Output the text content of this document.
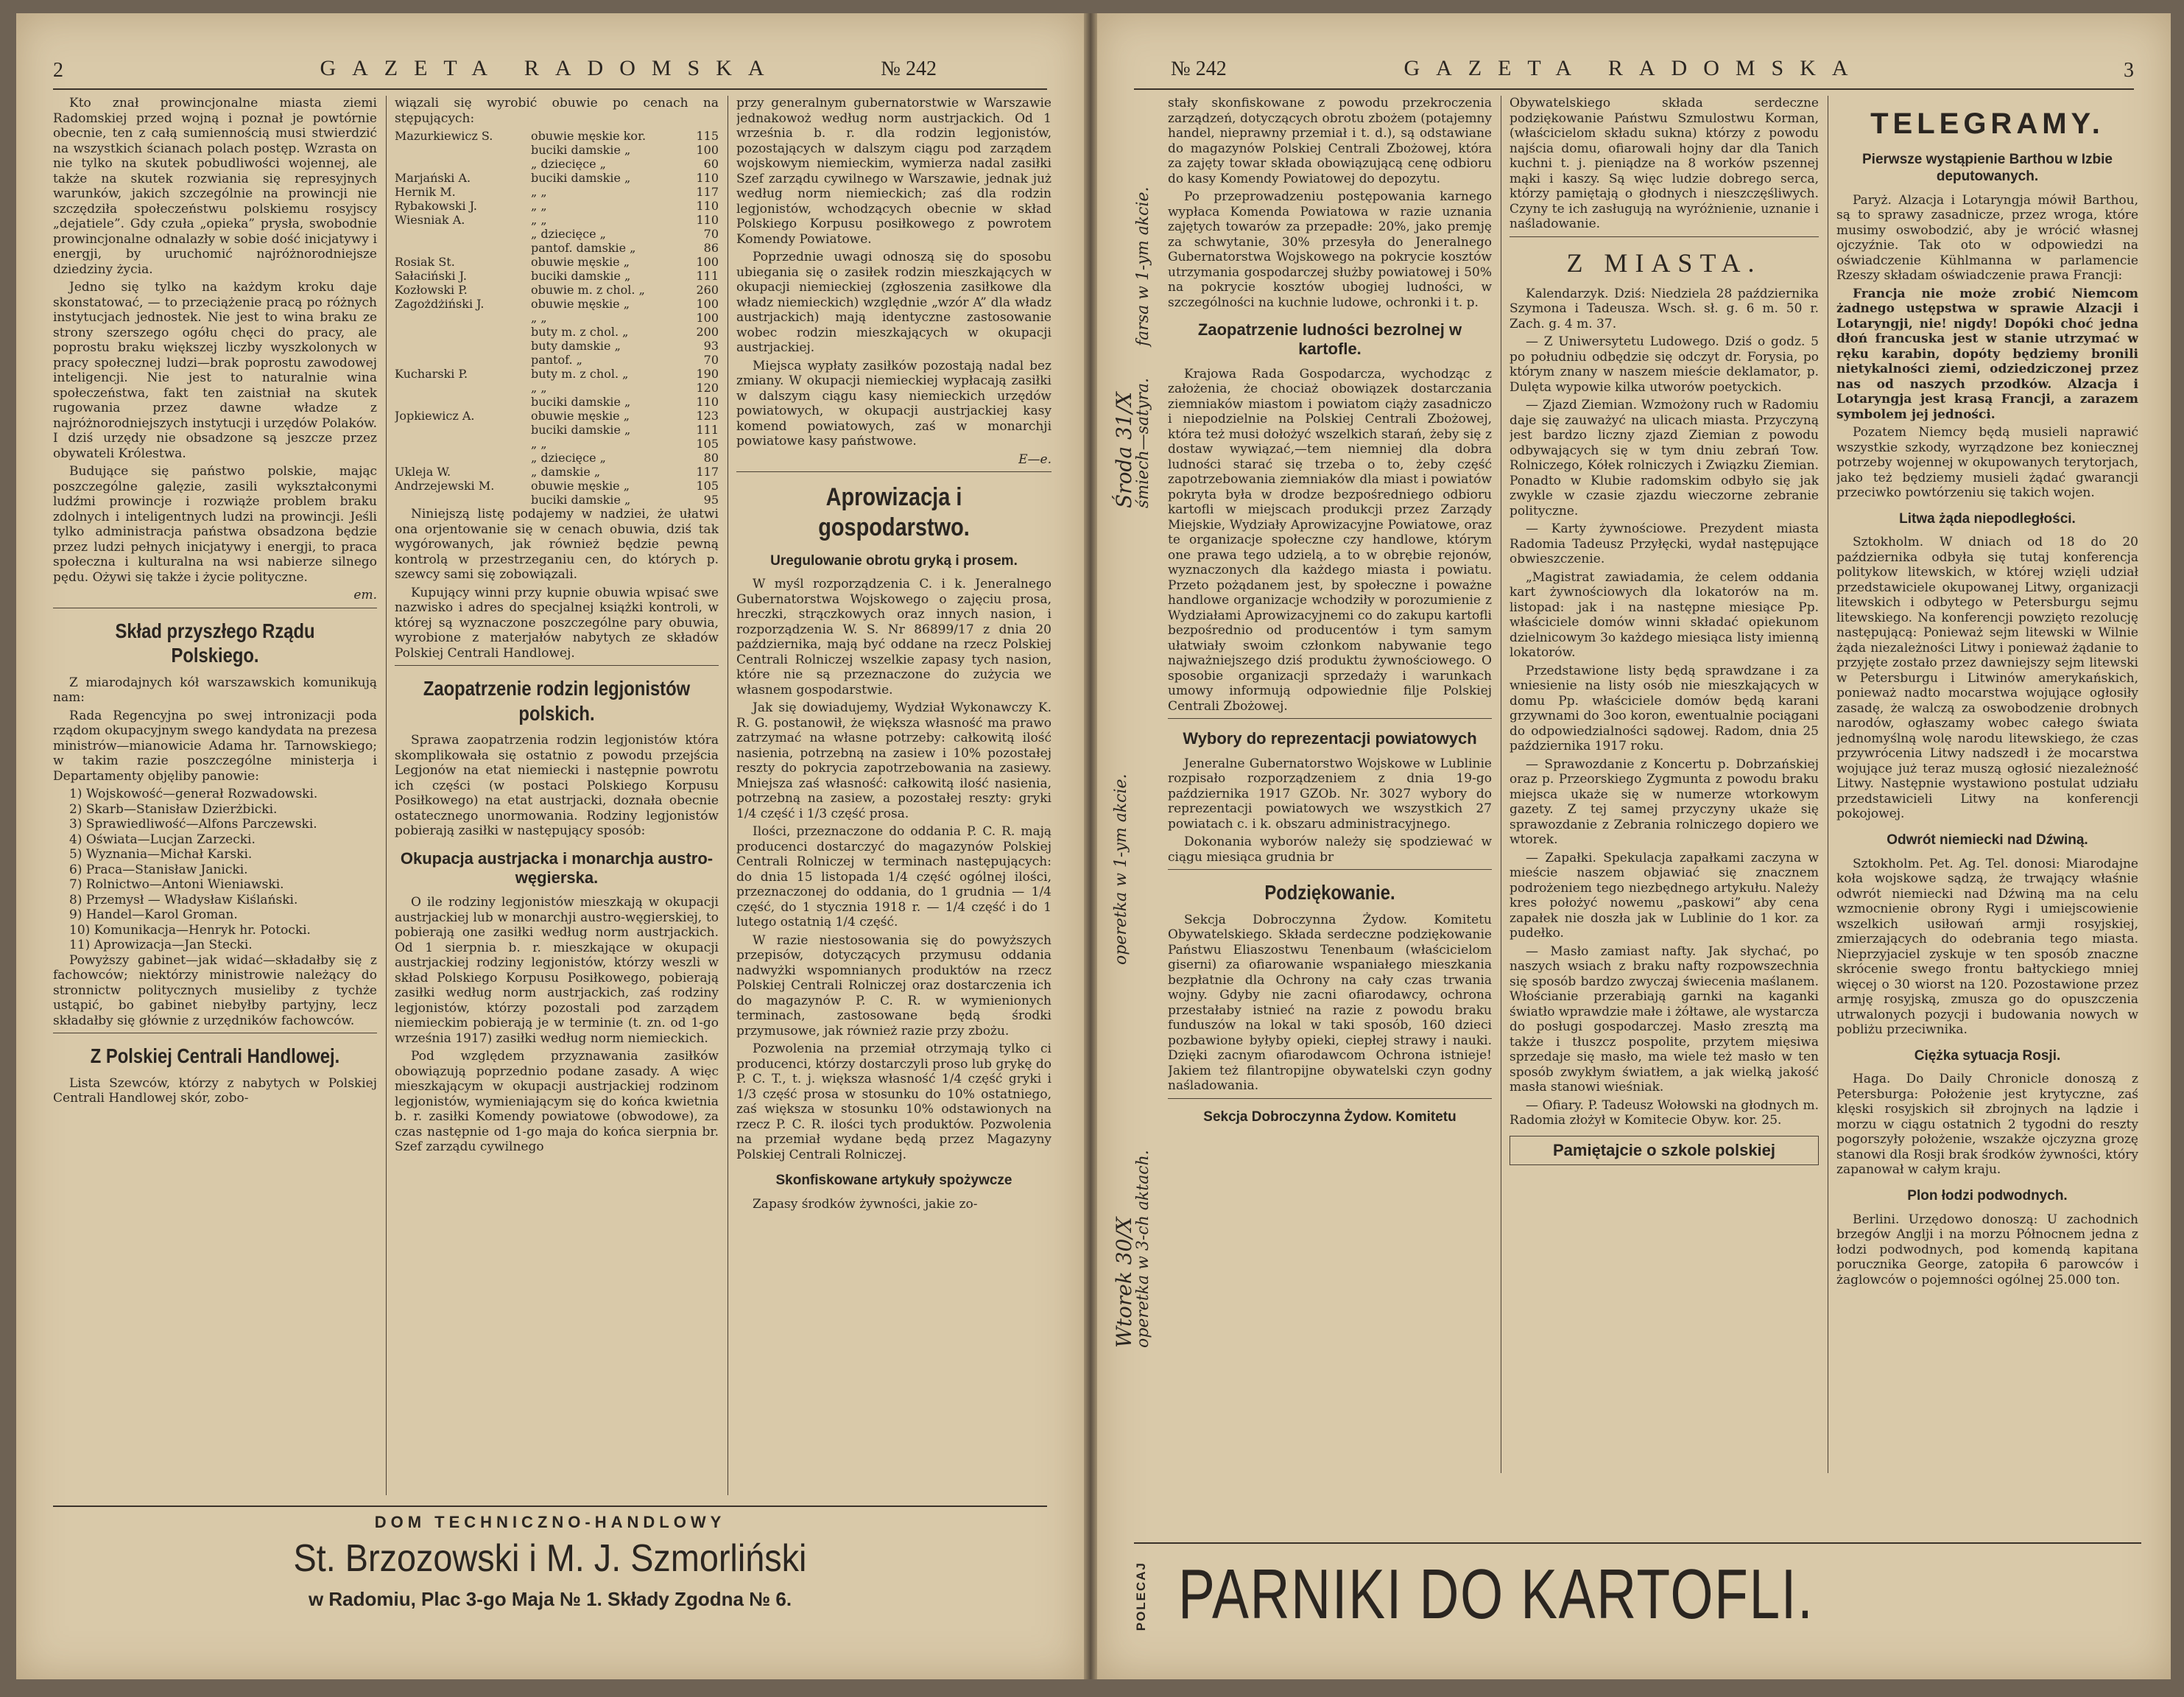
2	GAZETA RADOMSKA	№ 242

Kto znał prowincjonalne miasta ziemi Radomskiej przed wojną i poznał je powtórnie obecnie, ten z całą sumiennością musi stwierdzić na wszystkich ścianach polach postęp. Wzrasta on nie tylko na skutek pobudliwości wojennej, ale także na skutek rozwiania się represyjnych warunków, jakich szczególnie na prowincji nie szczędziła społeczeństwu polskiemu rosyjscy „dejatiele”. Gdy czuła „opieka” prysła, swobodnie prowincjonalne odnalazły w sobie dość inicjatywy i energji, by uruchomić najróżnorodniejsze dziedziny życia.

Jedno się tylko na każdym kroku daje skonstatować, — to przeciążenie pracą po różnych instytucjach jednostek. Nie jest to wina braku ze strony szerszego ogółu chęci do pracy, ale poprostu braku większej liczby wyszkolonych w pracy społecznej ludzi—brak poprostu zawodowej inteligencji. Nie jest to naturalnie wina społeczeństwa, fakt ten zaistniał na skutek rugowania przez dawne władze z najróżnorodniejszych instytucji i urzędów Polaków. I dziś urzędy nie obsadzone są jeszcze przez obywateli Królestwa.

Budujące się państwo polskie, mając poszczególne galęzie, zasili wykształconymi ludźmi prowincje i rozwiąże problem braku zdolnych i inteligentnych ludzi na prowincji. Jeśli tylko administracja państwa obsadzona będzie przez ludzi pełnych inicjatywy i energji, to praca społeczna i kulturalna na wsi nabierze silnego pędu. Ożywi się także i życie polityczne.

em.
Skład przyszłego Rządu Polskiego.

Z miarodajnych kół warszawskich komunikują nam:

Rada Regencyjna po swej intronizacji poda rządom okupacyjnym swego kandydata na prezesa ministrów—mianowicie Adama hr. Tarnowskiego; w takim razie poszczególne ministerja i Departamenty objęliby panowie:

1) Wojskowość—generał Rozwadowski.
2) Skarb—Stanisław Dzierżbicki.
3) Sprawiedliwość—Alfons Parczewski.
4) Oświata—Lucjan Zarzecki.
5) Wyznania—Michał Karski.
6) Praca—Stanisław Janicki.
7) Rolnictwo—Antoni Wieniawski.
8) Przemysł — Władysław Kiślański.
9) Handel—Karol Groman.
10) Komunikacja—Henryk hr. Potocki.
11) Aprowizacja—Jan Stecki.

Powyższy gabinet—jak widać—składałby się z fachowców; niektórzy ministrowie należący do stronnictw politycznych musieliby z tychże ustąpić, bo gabinet niebyłby partyjny, lecz składałby się głównie z urzędników fachowców.

Z Polskiej Centrali Handlowej.

Lista Szewców, którzy z nabytych w Polskiej Centrali Handlowej skór, zobo-

wiązali się wyrobić obuwie po cenach na stępujących:

Mazurkiewicz S.	obuwie męskie kor.	115
	buciki damskie „	100
	„ dziecięce „	60
Marjański A.	buciki damskie „	110
Hernik M.	„ „	117
Rybakowski J.	„ „	110
Wiesniak A.	„ „	110
	„ dziecięce „	70
	pantof. damskie „	86
Rosiak St.	obuwie męskie „	100
Sałaciński J.	buciki damskie „	111
Kozłowski P.	obuwie m. z chol. „	260
Zagożdżiński J.	obuwie męskie „	100
	„ „	100
	buty m. z chol. „	200
	buty damskie „	93
	pantof. „	70
Kucharski P.	buty m. z chol. „	190
	„ „	120
	buciki damskie „	110
Jopkiewicz A.	obuwie męskie „	123
	buciki damskie „	111
	„ „	105
	„ dziecięce „	80
Ukleja W.	„ damskie „	117
Andrzejewski M.	obuwie męskie „	105
	buciki damskie „	95

Niniejszą listę podajemy w nadziei, że ułatwi ona orjentowanie się w cenach obuwia, dziś tak wygórowanych, jak również będzie pewną kontrolą w przestrzeganiu cen, do których p. szewcy sami się zobowiązali.

Kupujący winni przy kupnie obuwia wpisać swe nazwisko i adres do specjalnej książki kontroli, w której są wyznaczone poszczególne pary obuwia, wyrobione z materjałów nabytych ze składów Polskiej Centrali Handlowej.

Zaopatrzenie rodzin legjonistów polskich.

Sprawa zaopatrzenia rodzin legjonistów która skomplikowała się ostatnio z powodu przejścia Legjonów na etat niemiecki i następnie powrotu ich części (w postaci Polskiego Korpusu Posiłkowego) na etat austrjacki, doznała obecnie ostatecznego unormowania. Rodziny legjonistów pobierają zasiłki w następujący sposób:

Okupacja austrjacka i monarchja austro-węgierska.

O ile rodziny legjonistów mieszkają w okupacji austrjackiej lub w monarchji austro-węgierskiej, to pobierają one zasiłki według norm austrjackich. Od 1 sierpnia b. r. mieszkające w okupacji austrjackiej rodziny legjonistów, którzy weszli w skład Polskiego Korpusu Posiłkowego, pobierają zasiłki według norm austrjackich, zaś rodziny legjonistów, którzy pozostali pod zarządem niemieckim pobierają je w terminie (t. zn. od 1-go września 1917) zasiłki według norm niemieckich.

Pod względem przyznawania zasiłków obowiązują poprzednio podane zasady. A więc mieszkającym w okupacji austrjackiej rodzinom legjonistów, wymieniającym się do końca kwietnia b. r. zasiłki Komendy powiatowe (obwodowe), za czas następnie od 1-go maja do końca sierpnia br. Szef zarządu cywilnego

przy generalnym gubernatorstwie w Warszawie jednakowoż według norm austrjackich. Od 1 września b. r. dla rodzin legjonistów, pozostających w dalszym ciągu pod zarządem wojskowym niemieckim, wymierza nadal zasiłki Szef zarządu cywilnego w Warszawie, jednak już według norm niemieckich; zaś dla rodzin legjonistów, wchodzących obecnie w skład Polskiego Korpusu posiłkowego z powrotem Komendy Powiatowe.

Poprzednie uwagi odnoszą się do sposobu ubiegania się o zasiłek rodzin mieszkających w okupacji niemieckiej (zgłoszenia zasiłkowe dla władz niemieckich) względnie „wzór A” dla władz austrjackich) mają identyczne zastosowanie wobec rodzin mieszkających w okupacji austrjackiej.

Miejsca wypłaty zasiłków pozostają nadal bez zmiany. W okupacji niemieckiej wypłacają zasiłki w dalszym ciągu kasy niemieckich urzędów powiatowych, w okupacji austrjackiej kasy komend powiatowych, zaś w monarchji powiatowe kasy państwowe.

E—e.
Aprowizacja i gospodarstwo.
Uregulowanie obrotu gryką i prosem.

W myśl rozporządzenia C. i k. Jeneralnego Gubernatorstwa Wojskowego o zajęciu prosa, hreczki, strączkowych oraz innych nasion, i rozporządzenia W. S. Nr 86899/17 z dnia 20 października, mają być oddane na rzecz Polskiej Centrali Rolniczej wszelkie zapasy tych nasion, które nie są przeznaczone do zużycia we własnem gospodarstwie.

Jak się dowiadujemy, Wydział Wykonawczy K. R. G. postanowił, że większa własność ma prawo zatrzymać na własne potrzeby: całkowitą ilość nasienia, potrzebną na zasiew i 10% pozostałej reszty do pokrycia zapotrzebowania na zasiewy. Mniejsza zaś własność: całkowitą ilość nasienia, potrzebną na zasiew, a pozostałej reszty: gryki 1/4 część i 1/3 część prosa.

Ilości, przeznaczone do oddania P. C. R. mają producenci dostarczyć do magazynów Polskiej Centrali Rolniczej w terminach następujących: do dnia 15 listopada 1/4 część ogólnej ilości, przeznaczonej do oddania, do 1 grudnia — 1/4 część, do 1 stycznia 1918 r. — 1/4 część i do 1 lutego ostatnią 1/4 część.

W razie niestosowania się do powyższych przepisów, dotyczących przymusu oddania nadwyżki wspomnianych produktów na rzecz Polskiej Centrali Rolniczej oraz dostarczenia ich do magazynów P. C. R. w wymienionych terminach, zastosowane będą środki przymusowe, jak również razie przy zbożu.

Pozwolenia na przemiał otrzymają tylko ci producenci, którzy dostarczyli proso lub grykę do P. C. T., t. j. większa własność 1/4 część gryki i 1/3 część prosa w stosunku do 10% ostatniego, zaś większa w stosunku 10% odstawionych na rzecz P. C. R. ilości tych produktów. Pozwolenia na przemiał wydane będą przez Magazyny Polskiej Centrali Rolniczej.

Skonfiskowane artykuły spożywcze

Zapasy środków żywności, jakie zo-

DOM TECHNICZNO-HANDLOWY
St. Brzozowski i M. J. Szmorliński
w Radomiu, Plac 3-go Maja № 1. Składy Zgodna № 6.
№ 242	GAZETA RADOMSKA	3
Środa 31/X
śmiech—satyra.
farsa w 1-ym akcie.
operetka w 1-ym akcie.
Wtorek 30/X
operetka w 3-ch aktach.

stały skonfiskowane z powodu przekroczenia zarządzeń, dotyczących obrotu zbożem (potajemny handel, nieprawny przemiał i t. d.), są odstawiane do magazynów Polskiej Centrali Zbożowej, która za zajęty towar składa obowiązującą cenę odbioru do kasy Komendy Powiatowej do depozytu.

Po przeprowadzeniu postępowania karnego wypłaca Komenda Powiatowa w razie uznania zajętych towarów za przepadłe: 20%, jako premję za schwytanie, 30% przesyła do Jeneralnego Gubernatorstwa Wojskowego na pokrycie kosztów utrzymania gospodarczej służby powiatowej i 50% na pokrycie kosztów ubogiej ludności, w szczególności na kuchnie ludowe, ochronki i t. p.

Zaopatrzenie ludności bezrolnej w kartofle.

Krajowa Rada Gospodarcza, wychodząc z założenia, że chociaż obowiązek dostarczania ziemniaków miastom i powiatom ciąży zasadniczo i niepodzielnie na Polskiej Centrali Zbożowej, która też musi dołożyć wszelkich starań, żeby się z dostaw wywiązać,—tem niemniej dla dobra ludności starać się trzeba o to, żeby część zapotrzebowania ziemniaków dla miast i powiatów pokryta była w drodze bezpośredniego odbioru kartofli w miejscach produkcji przez Zarządy Miejskie, Wydziały Aprowizacyjne Powiatowe, oraz te organizacje społeczne czy handlowe, którym one prawa tego udzielą, a to w obrębie rejonów, wyznaczonych dla każdego miasta i powiatu. Przeto pożądanem jest, by społeczne i poważne handlowe organizacje wchodziły w porozumienie z Wydziałami Aprowizacyjnemi co do zakupu kartofli bezpośrednio od producentów i tym samym ułatwiały swoim członkom nabywanie tego najważniejszego dziś produktu żywnościowego. O sposobie organizacji sprzedaży i warunkach umowy informują odpowiednie filje Polskiej Centrali Zbożowej.

Wybory do reprezentacji powiatowych

Jeneralne Gubernatorstwo Wojskowe w Lublinie rozpisało rozporządzeniem z dnia 19-go października 1917 GZOb. Nr. 3027 wybory do reprezentacji powiatowych we wszystkich 27 powiatach c. i k. obszaru administracyjnego.

Dokonania wyborów należy się spodziewać w ciągu miesiąca grudnia br

Podziękowanie.

Sekcja Dobroczynna Żydow. Komitetu Obywatelskiego. Składa serdeczne podziękowanie Państwu Eliaszostwu Tenenbaum (właścicielom giserni) za ofiarowanie wspaniałego mieszkania bezpłatnie dla Ochrony na cały czas trwania wojny. Gdyby nie zacni ofiarodawcy, ochrona przestałaby istnieć na razie z powodu braku funduszów na lokal w taki sposób, 160 dzieci pozbawione byłyby opieki, ciepłej strawy i nauki. Dzięki zacnym ofiarodawcom Ochrona istnieje! Jakiem też filantropijne obywatelski czyn godny naśladowania.

Sekcja Dobroczynna Żydow. Komitetu

Obywatelskiego składa serdeczne podziękowanie Państwu Szmulostwu Korman, (właścicielom składu sukna) którzy z powodu najściа domu, ofiarowali hojny dar dla Tanich kuchni t. j. pieniądze na 8 worków pszennej mąki i kaszy. Są więc ludzie dobrego serca, którzy pamiętają o głodnych i nieszczęśliwych. Czyny te ich zasługują na wyróżnienie, uznanie i naśladowanie.

Z MIASTA.

Kalendarzyk. Dziś: Niedziela 28 października Szymona i Tadeusza. Wsch. sł. g. 6 m. 50 r. Zach. g. 4 m. 37.

— Z Uniwersytetu Ludowego. Dziś o godz. 5 po południu odbędzie się odczyt dr. Forysia, po którym znany w naszem mieście deklamator, p. Dulęta wypowie kilka utworów poetyckich.

— Zjazd Ziemian. Wzmożony ruch w Radomiu daje się zauważyć na ulicach miasta. Przyczyną jest bardzo liczny zjazd Ziemian z powodu odbywających się w tym dniu zebrań Tow. Rolniczego, Kółek rolniczych i Związku Ziemian. Ponadto w Klubie radomskim odbyło się jak zwykle w czasie zjazdu wieczorne zebranie polityczne.

— Karty żywnościowe. Prezydent miasta Radomia Tadeusz Przyłęcki, wydał następujące obwieszczenie.

„Magistrat zawiadamia, że celem oddania kart żywnościowych dla lokatorów na m. listopad: jak i na następne miesiące Pp. właściciele domów winni składać opiekunom dzielnicowym 3o każdego miesiąca listy imienną lokatorów.

Przedstawione listy będą sprawdzane i za wniesienie na listy osób nie mieszkających w domu Pp. właściciele domów będą karani grzywnami do 3oo koron, ewentualnie pociągani do odpowiedzialności sądowej. Radom, dnia 25 października 1917 roku.

— Sprawozdanie z Koncertu p. Dobrzańskiej oraz p. Przeorskiego Zygmunta z powodu braku miejsca ukaże się w numerze wtorkowym gazety. Z tej samej przyczyny ukaże się sprawozdanie z Zebrania rolniczego dopiero we wtorek.

— Zapałki. Spekulacja zapałkami zaczyna w mieście naszem objawiać się znacznem podrożeniem tego niezbędnego artykułu. Należy kres położyć nowemu „paskowi” aby cena zapałek nie doszła jak w Lublinie do 1 kor. za pudełko.

— Masło zamiast nafty. Jak słychać, po naszych wsiach z braku nafty rozpowszechnia się sposób bardzo zwyczaj świecenia maślanem. Włościanie przerabiają garnki na kaganki światło wprawdzie małe i żółtawe, ale wystarcza do posługi gospodarczej. Masło zresztą ma także i tłuszcz pospolite, przytem mięsiwa sprzedaje się masło, ma wiele też masło w ten sposób zwykłym światłem, a jak wielką jakość masła stanowi wieśniak.

— Ofiary. P. Tadeusz Wołowski na głodnych m. Radomia złożył w Komitecie Obyw. kor. 25.

Pamiętajcie o szkole polskiej
TELEGRAMY.
Pierwsze wystąpienie Barthou w Izbie deputowanych.

Paryż. Alzacja i Lotaryngja mówił Barthou, są to sprawy zasadnicze, przez wroga, które musimy oswobodzić, aby je wrócić własnej ojczyźnie. Tak oto w odpowiedzi na oświadczenie Kühlmanna w parlamencie Rzeszy składam oświadczenie prawa Francji:

Francja nie może zrobić Niemcom żadnego ustępstwa w sprawie Alzacji i Lotaryngji, nie! nigdy! Dopóki choć jedna dłoń francuska jest w stanie utrzymać w ręku karabin, dopóty będziemy bronili nietykalności ziemi, odziedziczonej przez nas od naszych przodków. Alzacja i Lotaryngja jest krasą Francji, a zarazem symbolem jej jedności.

Pozatem Niemcy będą musieli naprawić wszystkie szkody, wyrządzone bez koniecznej potrzeby wojennej w okupowanych terytorjach, jako też będziemy musieli żądać gwarancji przeciwko powtórzeniu się takich wojen.

Litwa żąda niepodległości.

Sztokholm. W dniach od 18 do 20 października odbyła się tutaj konferencja politykow litewskich, w której wzięli udział przedstawiciele okupowanej Litwy, organizacji litewskich i odbytego w Petersburgu sejmu litewskiego. Na konferencji powzięto rezolucję następującą: Ponieważ sejm litewski w Wilnie żąda niezależności Litwy i ponieważ żądanie to przyjęte zostało przez dawniejszy sejm litewski w Petersburgu i Litwinów amerykańskich, ponieważ nadto mocarstwa wojujące ogłosiły zasadę, że walczą za oswobodzenie drobnych narodów, ogłaszamy wobec całego świata jednomyślną wolę narodu litewskiego, że czas przywrócenia Litwy nadszedł i że mocarstwa wojujące już teraz muszą ogłosić niezależność Litwy. Następnie wystawiono postulat udziału przedstawicieli Litwy na konferencji pokojowej.

Odwrót niemiecki nad Dźwiną.

Sztokholm. Pet. Ag. Tel. donosi: Miarodajne koła wojskowe sądzą, że trwający właśnie odwrót niemiecki nad Dźwiną ma na celu wzmocnienie obrony Rygi i umiejscowienie wszelkich usiłowań armji rosyjskiej, zmierzających do odebrania tego miasta. Nieprzyjaciel zyskuje w ten sposób znaczne skrócenie swego frontu bałtyckiego mniej więcej o 30 wiorst na 120. Pozostawione przez armję rosyjską, zmusza go do opuszczenia utrwalonych pozycji i budowania nowych w pobliżu przeciwnika.

Ciężka sytuacja Rosji.

Haga. Do Daily Chronicle donoszą z Petersburga: Położenie jest krytyczne, zaś klęski rosyjskich sił zbrojnych na lądzie i morzu w ciągu ostatnich 2 tygodni do reszty pogorszyły położenie, wszakże ojczyzna grozę stanowi dla Rosji brak środków żywności, który zapanował w całym kraju.

Plon łodzi podwodnych.

Berlini. Urzędowo donoszą: U zachodnich brzegów Anglji i na morzu Północnem jedna z łodzi podwodnych, pod komendą kapitana porucznika George, zatopiła 6 parowców i żaglowców o pojemności ogólnej 25.000 ton.

POLECAJ PARNIKI DO KARTOFLI.
